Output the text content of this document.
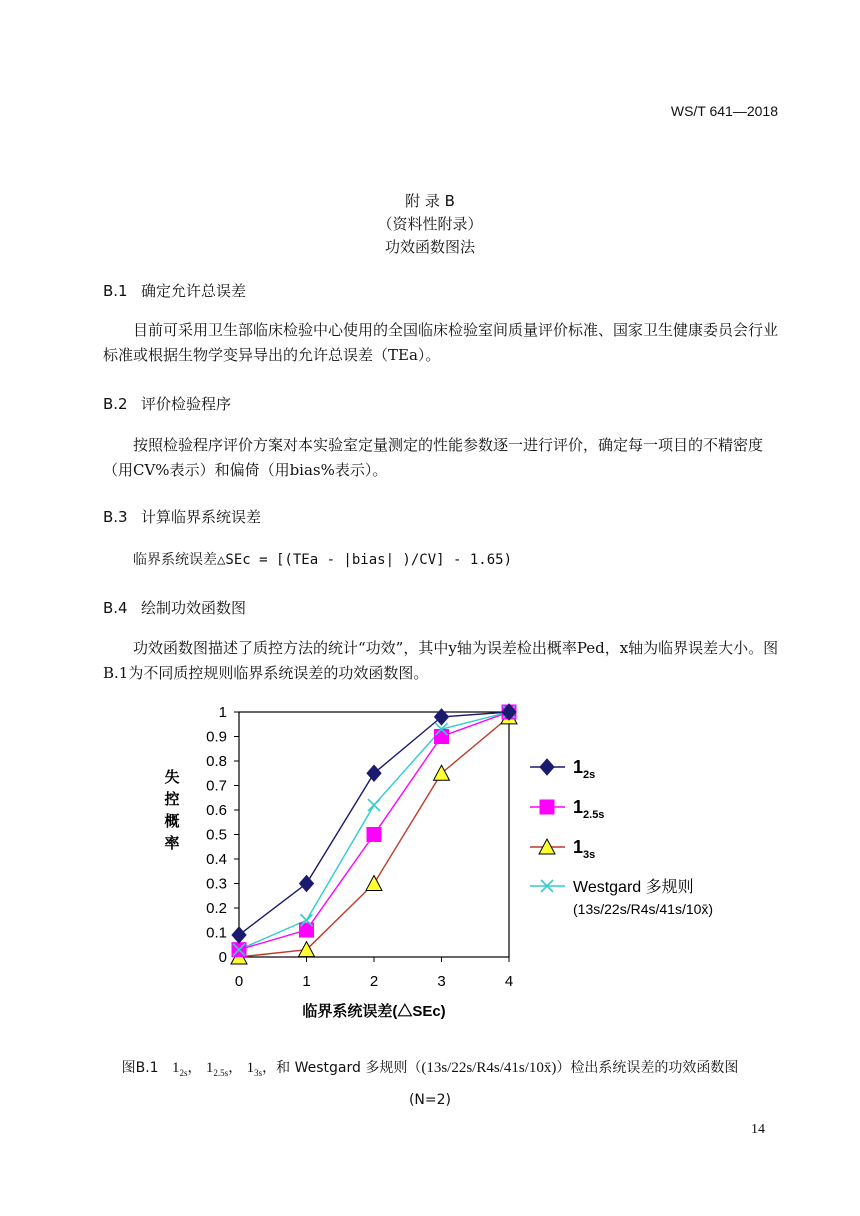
WS/T 641—2018
附 录 B
（资料性附录）
功效函数图法
B.1 确定允许总误差
目前可采用卫生部临床检验中心使用的全国临床检验室间质量评价标准、国家卫生健康委员会行业标准或根据生物学变异导出的允许总误差（TEa）。
B.2 评价检验程序
按照检验程序评价方案对本实验室定量测定的性能参数逐一进行评价，确定每一项目的不精密度（用CV%表示）和偏倚（用bias%表示）。
B.3 计算临界系统误差
临界系统误差△SEc = [(TEa - |bias| )/CV] - 1.65)
B.4 绘制功效函数图
功效函数图描述了质控方法的统计“功效”，其中y轴为误差检出概率Ped，x轴为临界误差大小。图B.1为不同质控规则临界系统误差的功效函数图。
0
0.1
0.2
0.3
0.4
0.5
0.6
0.7
0.8
0.9
1
0	1	2	3	4
失
控
概
率
临界系统误差(△SEc)
$1_{2s}$
$1_{2.5s}$
$1_{3s}$
Westgard 多规则
(13s/22s/R4s/41s/10x̄)
图B.1 $1_{2s}$， $1_{2.5s}$， $1_{3s}$，和 Westgard 多规则（(13s/22s/R4s/41s/10x̄)）检出系统误差的功效函数图
(N=2)
14
